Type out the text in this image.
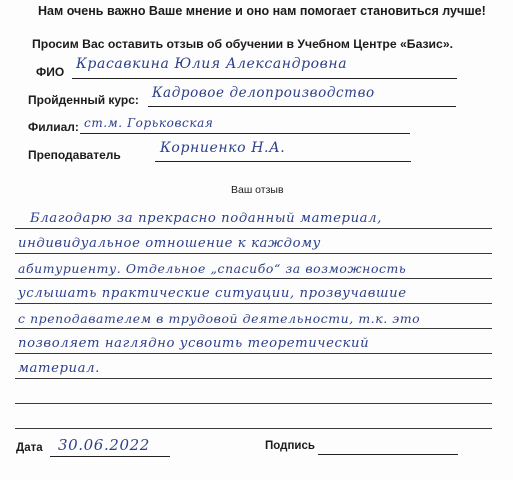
Нам очень важно Ваше мнение и оно нам помогает становиться лучше!
Просим Вас оставить отзыв об обучении в Учебном Центре «Базис».
ФИО Красавкина Юлия Александровна
Пройденный курс: Кадровое делопроизводство
Филиал: ст.м. Горьковская
Преподаватель	Корниенко Н.А.
Ваш отзыв
Благодарю за прекрасно поданный материал,
индивидуальное отношение к каждому
абитуриенту. Отдельное „спасибо“ за возможность
услышать практические ситуации, прозвучавшие
с преподавателем в трудовой деятельности, т.к. это
позволяет наглядно усвоить теоретический
материал.
Дата 30.06.2022	Подпись
